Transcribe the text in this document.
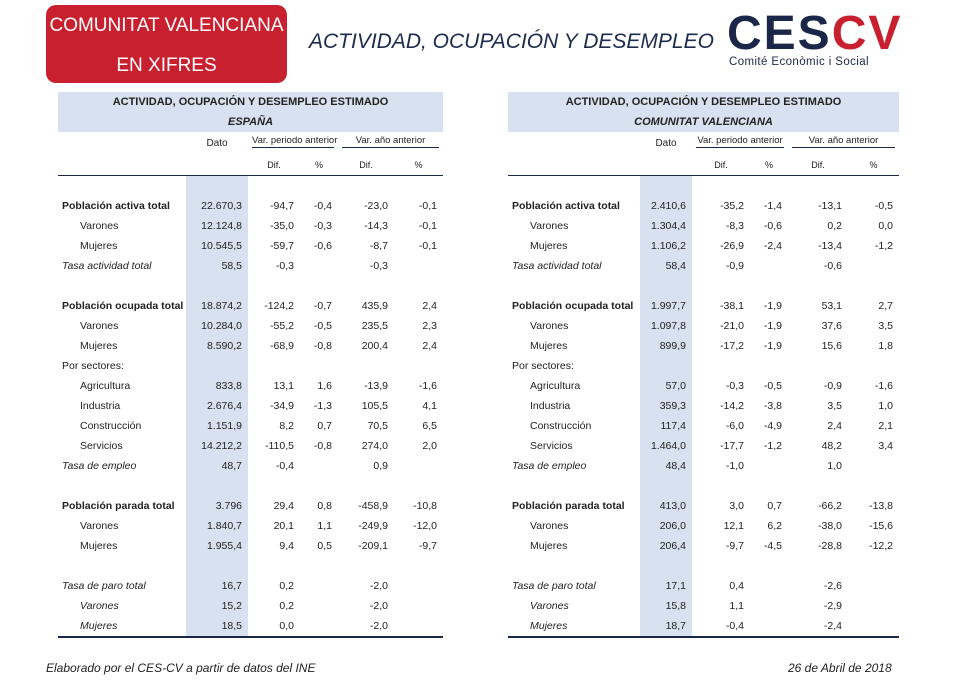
COMUNITAT VALENCIANA
EN XIFRES
ACTIVIDAD, OCUPACIÓN Y DESEMPLEO CESCV
Comité Econòmic i Social
ACTIVIDAD, OCUPACIÓN Y DESEMPLEO ESTIMADO					
ESPAÑA					
	Dato	Var. periodo anterior		Var. año anterior	

		Dif.	%	Dif.	%

Población activa total	22.670,3	-94,7	-0,4	-23,0	-0,1
Varones	12.124,8	-35,0	-0,3	-14,3	-0,1
Mujeres	10.545,5	-59,7	-0,6	-8,7	-0,1
Tasa actividad total	58,5	-0,3		-0,3	

Población ocupada total	18.874,2	-124,2	-0,7	435,9	2,4
Varones	10.284,0	-55,2	-0,5	235,5	2,3
Mujeres	8.590,2	-68,9	-0,8	200,4	2,4
Por sectores:					
Agricultura	833,8	13,1	1,6	-13,9	-1,6
Industria	2.676,4	-34,9	-1,3	105,5	4,1
Construcción	1.151,9	8,2	0,7	70,5	6,5
Servicios	14.212,2	-110,5	-0,8	274,0	2,0
Tasa de empleo	48,7	-0,4		0,9	

Población parada total	3.796	29,4	0,8	-458,9	-10,8
Varones	1.840,7	20,1	1,1	-249,9	-12,0
Mujeres	1.955,4	9,4	0,5	-209,1	-9,7

Tasa de paro total	16,7	0,2		-2,0	
Varones	15,2	0,2		-2,0	
Mujeres	18,5	0,0		-2,0	
ACTIVIDAD, OCUPACIÓN Y DESEMPLEO ESTIMADO					
COMUNITAT VALENCIANA					
	Dato	Var. periodo anterior		Var. año anterior	

		Dif.	%	Dif.	%

Población activa total	2.410,6	-35,2	-1,4	-13,1	-0,5
Varones	1.304,4	-8,3	-0,6	0,2	0,0
Mujeres	1.106,2	-26,9	-2,4	-13,4	-1,2
Tasa actividad total	58,4	-0,9		-0,6	

Población ocupada total	1.997,7	-38,1	-1,9	53,1	2,7
Varones	1.097,8	-21,0	-1,9	37,6	3,5
Mujeres	899,9	-17,2	-1,9	15,6	1,8
Por sectores:					
Agricultura	57,0	-0,3	-0,5	-0,9	-1,6
Industria	359,3	-14,2	-3,8	3,5	1,0
Construcción	117,4	-6,0	-4,9	2,4	2,1
Servicios	1.464,0	-17,7	-1,2	48,2	3,4
Tasa de empleo	48,4	-1,0		1,0	

Población parada total	413,0	3,0	0,7	-66,2	-13,8
Varones	206,0	12,1	6,2	-38,0	-15,6
Mujeres	206,4	-9,7	-4,5	-28,8	-12,2

Tasa de paro total	17,1	0,4		-2,6	
Varones	15,8	1,1		-2,9	
Mujeres	18,7	-0,4		-2,4	
Elaborado por el CES-CV a partir de datos del INE	26 de Abril de 2018
